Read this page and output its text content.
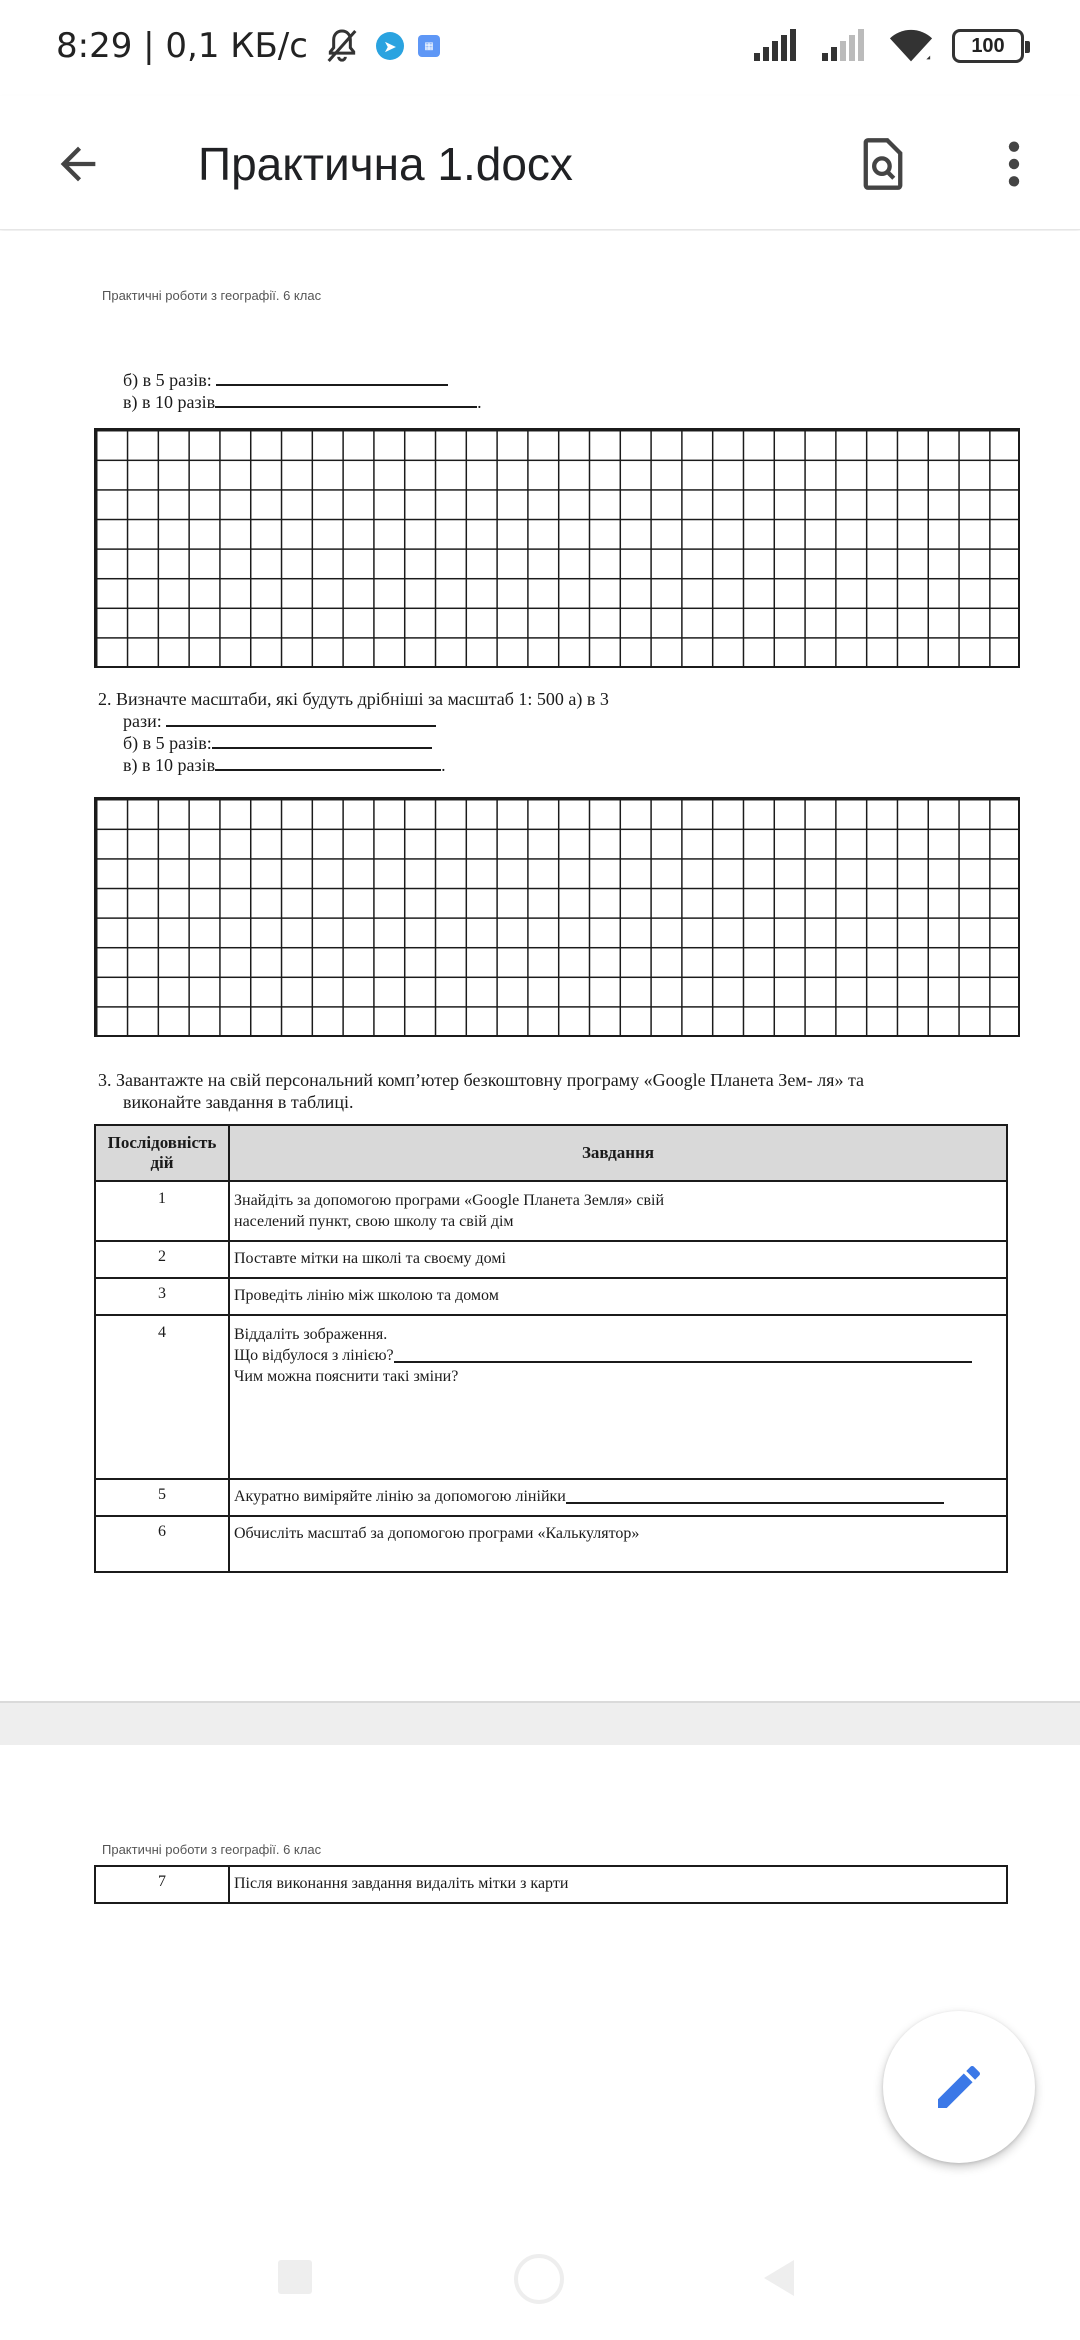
8:29 | 0,1 КБ/с	➤	▦	100
Практична 1.docx
Практичні роботи з географії. 6 клас
б) в 5 разів:
в) в 10 разів	.
2. Визначте масштаби, які будуть дрібніші за масштаб 1: 500 а) в 3
рази:
б) в 5 разів:
в) в 10 разів	.
3. Завантажте на свій персональний комп’ютер безкоштовну програму «Google Планета Зем- ля» та
виконайте завдання в таблиці.
Послідовність дій	Завдання
1	Знайдіть за допомогою програми «Google Планета Земля» свій
населений пункт, свою школу та свій дім

2	Поставте мітки на школі та своєму домі

3	Проведіть лінію між школою та домом

4	Віддаліть зображення.
Що відбулося з лінією?
Чим можна пояснити такі зміни?

5	Акуратно виміряйте лінію за допомогою лінійки

6	Обчисліть масштаб за допомогою програми «Калькулятор»
Практичні роботи з географії. 6 клас
7	Після виконання завдання видаліть мітки з карти
